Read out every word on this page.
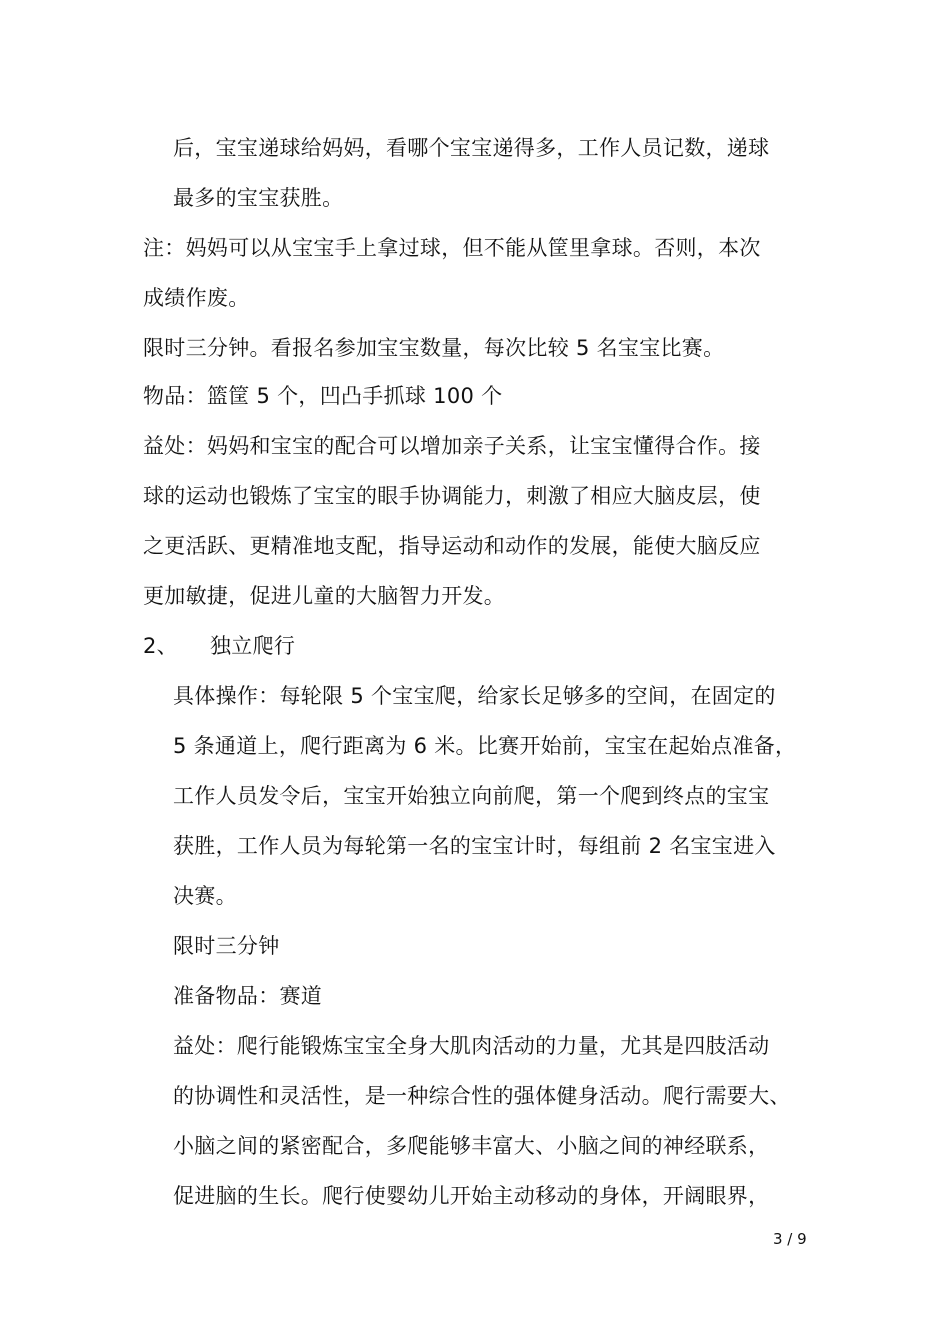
后，宝宝递球给妈妈，看哪个宝宝递得多，工作人员记数，递球
最多的宝宝获胜。
注：妈妈可以从宝宝手上拿过球，但不能从筐里拿球。否则，本次
成绩作废。
限时三分钟。看报名参加宝宝数量，每次比较 5 名宝宝比赛。
物品：篮筐 5 个，凹凸手抓球 100 个
益处：妈妈和宝宝的配合可以增加亲子关系，让宝宝懂得合作。接
球的运动也锻炼了宝宝的眼手协调能力，刺激了相应大脑皮层，使
之更活跃、更精准地支配，指导运动和动作的发展，能使大脑反应
更加敏捷，促进儿童的大脑智力开发。
2、 独立爬行
具体操作：每轮限 5 个宝宝爬，给家长足够多的空间，在固定的
5 条通道上，爬行距离为 6 米。比赛开始前，宝宝在起始点准备，
工作人员发令后，宝宝开始独立向前爬，第一个爬到终点的宝宝
获胜，工作人员为每轮第一名的宝宝计时，每组前 2 名宝宝进入
决赛。
限时三分钟
准备物品：赛道
益处：爬行能锻炼宝宝全身大肌肉活动的力量，尤其是四肢活动
的协调性和灵活性，是一种综合性的强体健身活动。爬行需要大、
小脑之间的紧密配合，多爬能够丰富大、小脑之间的神经联系，
促进脑的生长。爬行使婴幼儿开始主动移动的身体，开阔眼界，
3 / 9
